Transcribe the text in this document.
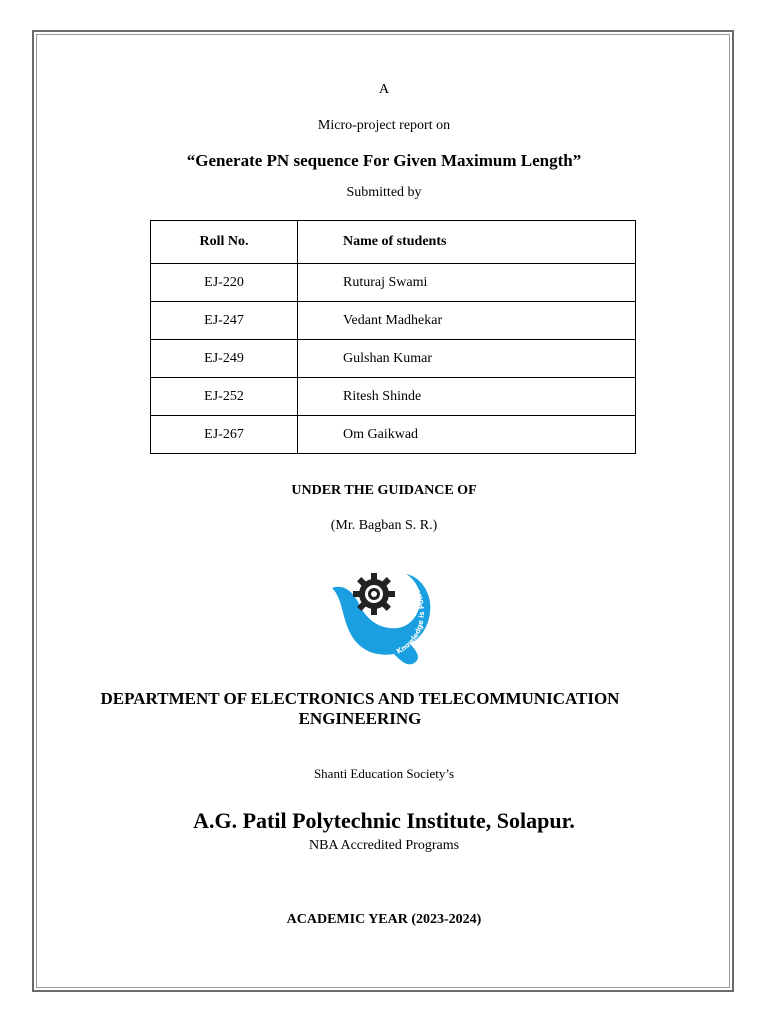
A
Micro-project report on
“Generate PN sequence For Given Maximum Length”
Submitted by
Roll No.	Name of students
EJ-220	Ruturaj Swami
EJ-247	Vedant Madhekar
EJ-249	Gulshan Kumar
EJ-252	Ritesh Shinde
EJ-267	Om Gaikwad
UNDER THE GUIDANCE OF
(Mr. Bagban S. R.)
Knowledge is Power
DEPARTMENT OF ELECTRONICS AND TELECOMMUNICATION
ENGINEERING
Shanti Education Society’s
A.G. Patil Polytechnic Institute, Solapur.
NBA Accredited Programs
ACADEMIC YEAR (2023-2024)
